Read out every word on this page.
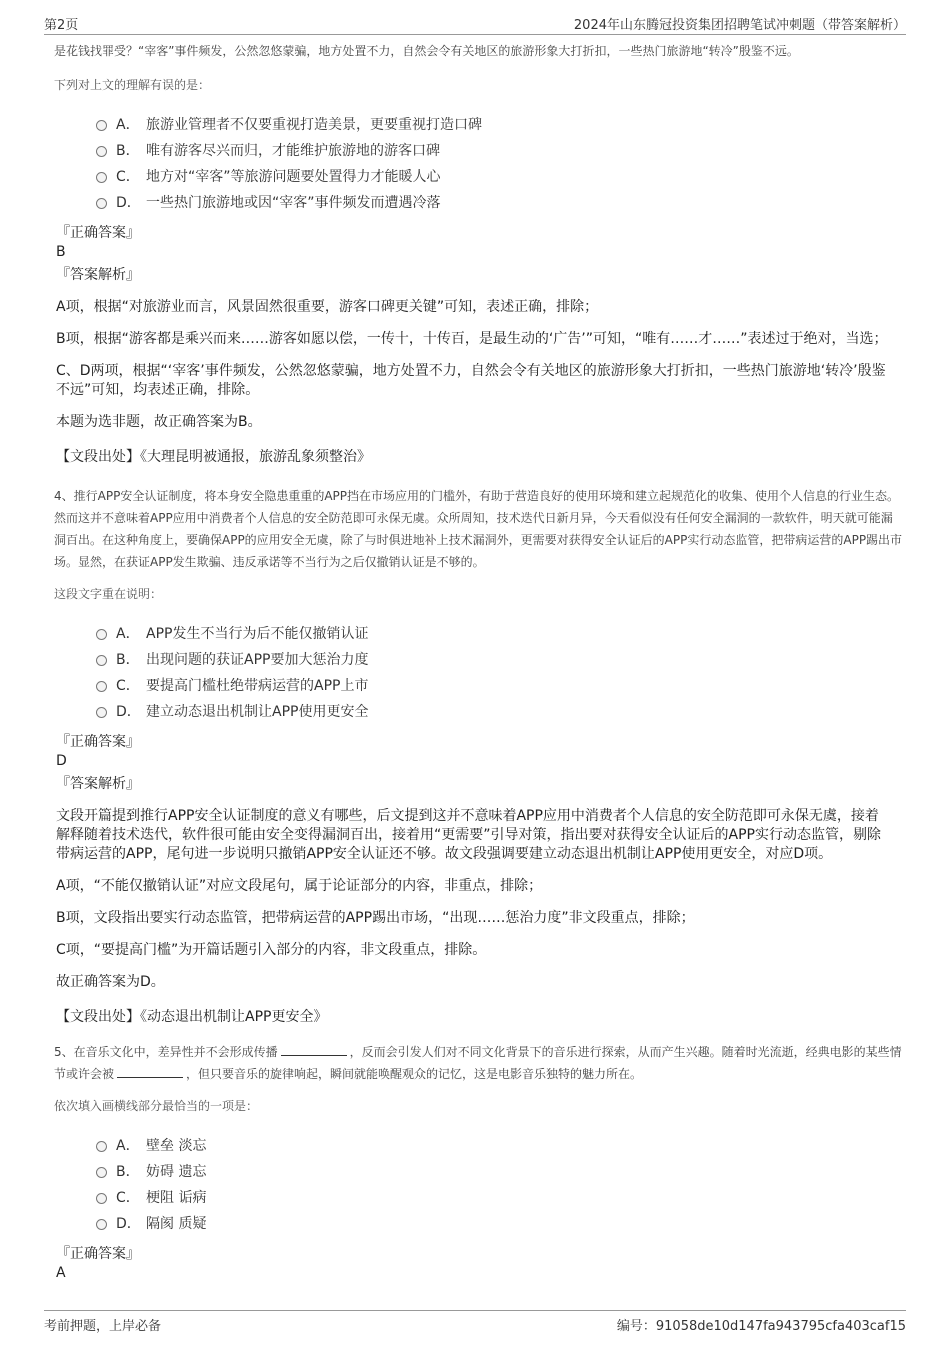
第2页	2024年山东腾冠投资集团招聘笔试冲刺题（带答案解析）

是花钱找罪受？“宰客”事件频发，公然忽悠蒙骗，地方处置不力，自然会令有关地区的旅游形象大打折扣，一些热门旅游地“转冷”殷鉴不远。

下列对上文的理解有误的是：

A． 旅游业管理者不仅要重视打造美景，更要重视打造口碑
B． 唯有游客尽兴而归，才能维护旅游地的游客口碑
C． 地方对“宰客”等旅游问题要处置得力才能暖人心
D． 一些热门旅游地或因“宰客”事件频发而遭遇冷落
『正确答案』
B
『答案解析』
A项，根据“对旅游业而言，风景固然很重要，游客口碑更关键”可知，表述正确，排除；
B项，根据“游客都是乘兴而来……游客如愿以偿，一传十，十传百，是最生动的‘广告’”可知，“唯有……才……”表述过于绝对，当选；
C、D两项，根据“‘宰客’事件频发，公然忽悠蒙骗，地方处置不力，自然会令有关地区的旅游形象大打折扣，一些热门旅游地‘转冷’殷鉴不远”可知，均表述正确，排除。
本题为选非题，故正确答案为B。
【文段出处】《大理昆明被通报，旅游乱象须整治》

4、推行APP安全认证制度，将本身安全隐患重重的APP挡在市场应用的门槛外，有助于营造良好的使用环境和建立起规范化的收集、使用个人信息的行业生态。然而这并不意味着APP应用中消费者个人信息的安全防范即可永保无虞。众所周知，技术迭代日新月异，今天看似没有任何安全漏洞的一款软件，明天就可能漏洞百出。在这种角度上，要确保APP的应用安全无虞，除了与时俱进地补上技术漏洞外，更需要对获得安全认证后的APP实行动态监管，把带病运营的APP踢出市场。显然，在获证APP发生欺骗、违反承诺等不当行为之后仅撤销认证是不够的。

这段文字重在说明：

A． APP发生不当行为后不能仅撤销认证
B． 出现问题的获证APP要加大惩治力度
C． 要提高门槛杜绝带病运营的APP上市
D． 建立动态退出机制让APP使用更安全
『正确答案』
D
『答案解析』
文段开篇提到推行APP安全认证制度的意义有哪些，后文提到这并不意味着APP应用中消费者个人信息的安全防范即可永保无虞，接着解释随着技术迭代，软件很可能由安全变得漏洞百出，接着用“更需要”引导对策，指出要对获得安全认证后的APP实行动态监管，剔除带病运营的APP，尾句进一步说明只撤销APP安全认证还不够。故文段强调要建立动态退出机制让APP使用更安全，对应D项。
A项，“不能仅撤销认证”对应文段尾句，属于论证部分的内容，非重点，排除；
B项，文段指出要实行动态监管，把带病运营的APP踢出市场，“出现……惩治力度”非文段重点，排除；
C项，“要提高门槛”为开篇话题引入部分的内容，非文段重点，排除。
故正确答案为D。
【文段出处】《动态退出机制让APP更安全》

5、在音乐文化中，差异性并不会形成传播	，反而会引发人们对不同文化背景下的音乐进行探索，从而产生兴趣。随着时光流逝，经典电影的某些情节或许会被	，但只要音乐的旋律响起，瞬间就能唤醒观众的记忆，这是电影音乐独特的魅力所在。

依次填入画横线部分最恰当的一项是：

A． 壁垒 淡忘
B． 妨碍 遗忘
C． 梗阻 诟病
D． 隔阂 质疑
『正确答案』
A
考前押题，上岸必备	编号：91058de10d147fa943795cfa403caf15
